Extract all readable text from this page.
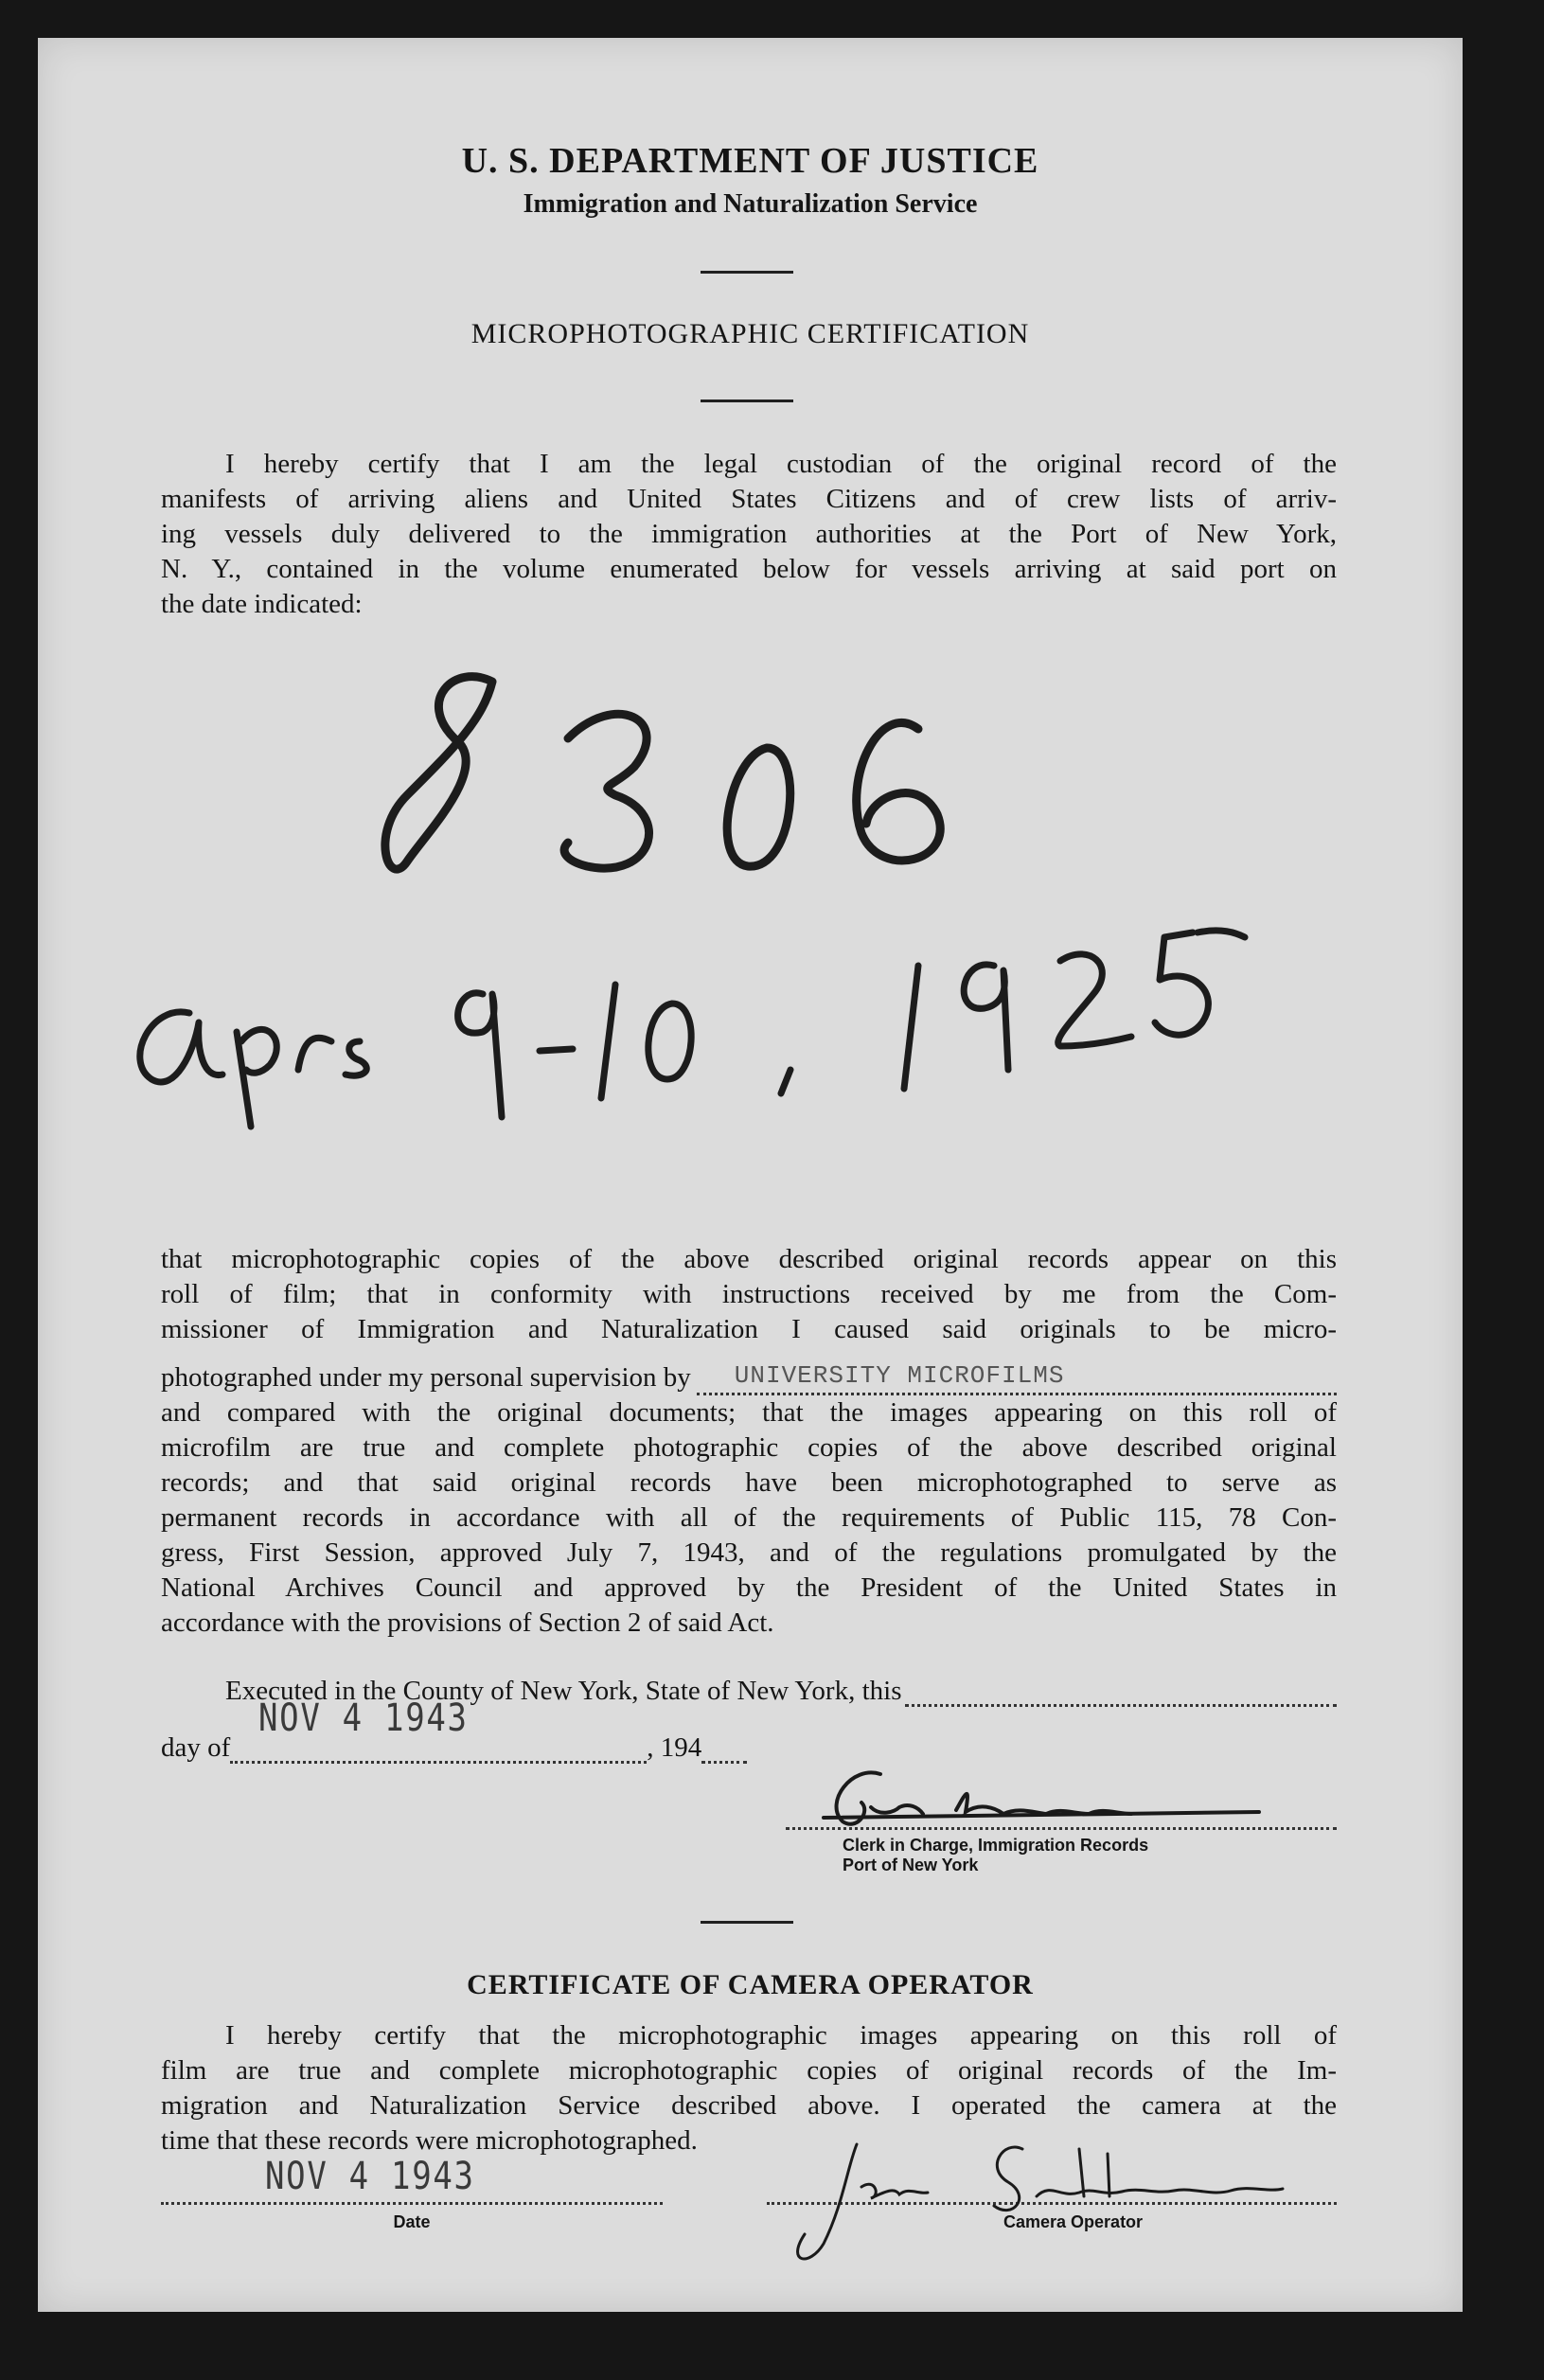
U. S. DEPARTMENT OF JUSTICE
Immigration and Naturalization Service
MICROPHOTOGRAPHIC CERTIFICATION
I hereby certify that I am the legal custodian of the original record of the
manifests of arriving aliens and United States Citizens and of crew lists of arriv-
ing vessels duly delivered to the immigration authorities at the Port of New York,
N. Y., contained in the volume enumerated below for vessels arriving at said port on
the date indicated:
that microphotographic copies of the above described original records appear on this
roll of film; that in conformity with instructions received by me from the Com-
missioner of Immigration and Naturalization I caused said originals to be micro-
photographed under my personal supervision by UNIVERSITY MICROFILMS
and compared with the original documents; that the images appearing on this roll of
microfilm are true and complete photographic copies of the above described original
records; and that said original records have been microphotographed to serve as
permanent records in accordance with all of the requirements of Public 115, 78 Con-
gress, First Session, approved July 7, 1943, and of the regulations promulgated by the
National Archives Council and approved by the President of the United States in
accordance with the provisions of Section 2 of said Act.
Executed in the County of New York, State of New York, this
day of
NOV 4 1943
, 194
Clerk in Charge, Immigration Records
Port of New York
CERTIFICATE OF CAMERA OPERATOR
I hereby certify that the microphotographic images appearing on this roll of
film are true and complete microphotographic copies of original records of the Im-
migration and Naturalization Service described above. I operated the camera at the
time that these records were microphotographed.
NOV 4 1943
Date	Camera Operator
